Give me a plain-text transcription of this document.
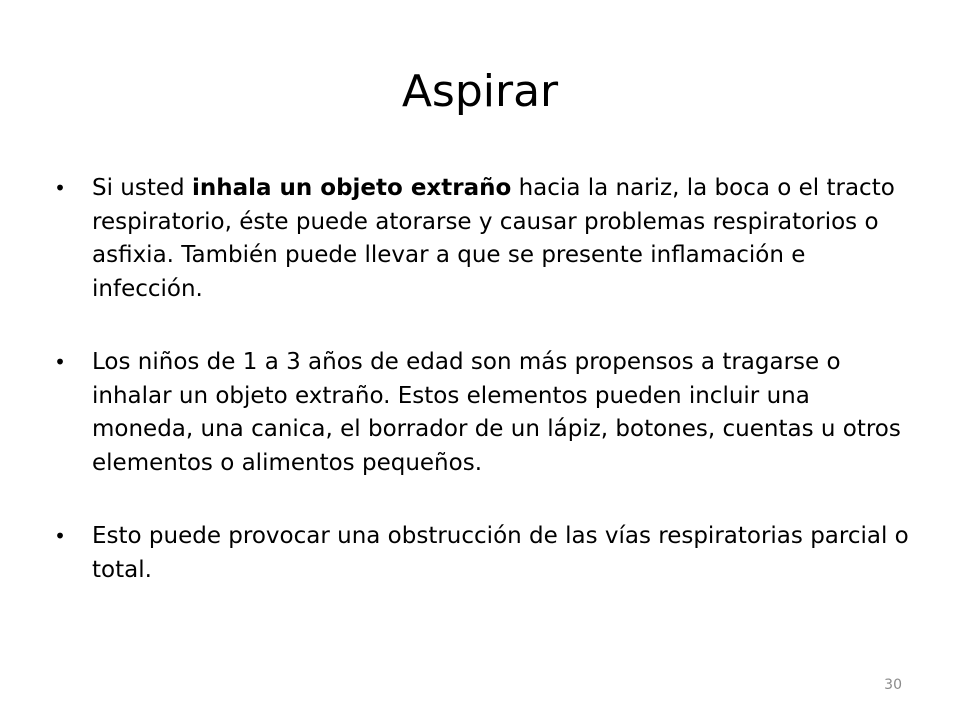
Aspirar
• Si usted inhala un objeto extraño hacia la nariz, la boca o el tracto respiratorio, éste puede atorarse y causar problemas respiratorios o asfixia. También puede llevar a que se presente inflamación e infección.
• Los niños de 1 a 3 años de edad son más propensos a tragarse o inhalar un objeto extraño. Estos elementos pueden incluir una moneda, una canica, el borrador de un lápiz, botones, cuentas u otros elementos o alimentos pequeños.
• Esto puede provocar una obstrucción de las vías respiratorias parcial o total.
30
